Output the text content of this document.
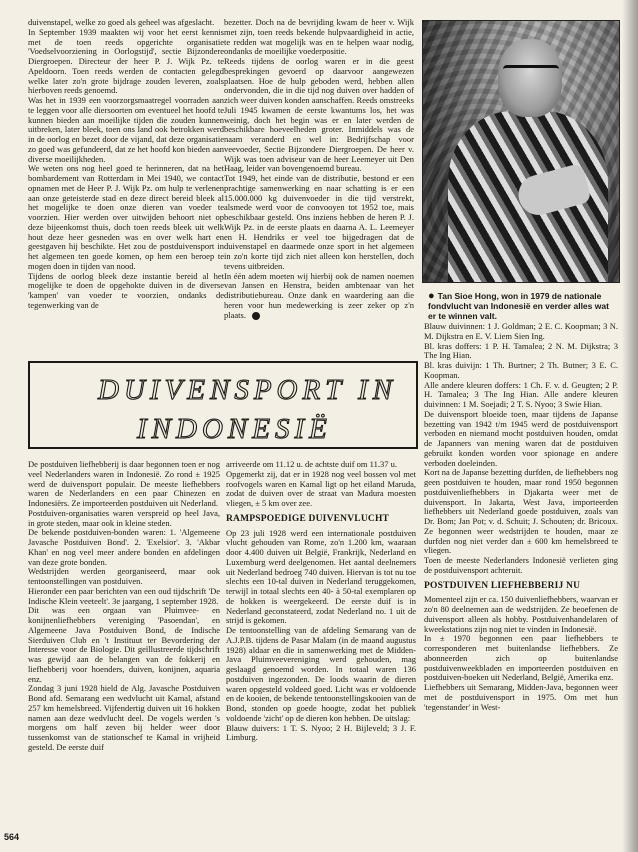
duivenstapel, welke zo goed als geheel was afgeslacht.

In September 1939 maakten wij voor het eerst kennis met de toen reeds opgerichte organisatie 'Voedselvoorziening in Oorlogstijd', sectie Bijzondere Diergroepen. Directeur der heer P. J. Wijk Pz. te Apeldoorn. Toen reeds werden de contacten gelegd welke later zo'n grote bijdrage zouden leveren, zoals hierboven reeds genoemd.

Was het in 1939 een voorzorgsmaatregel voorraden aan te leggen voor alle diersoorten om eventueel het hoofd te kunnen bieden aan moeilijke tijden die zouden kunnen uitbreken, later bleek, toen ons land ook betrokken werd in de oorlog en bezet door de vijand, dat deze organisatie zo goed was gefundeerd, dat ze het hoofd kon bieden aan diverse moeilijkheden.

We weten ons nog heel goed te herinneren, dat na het bombardement van Rotterdam in Mei 1940, we contact opnamen met de Heer P. J. Wijk Pz. om hulp te verlenen aan onze geteisterde stad en deze direct bereid bleek al het mogelijke te doen onze dieren van voeder te voorzien. Hier werden over uitwijden behoort niet op deze bijeenkomst thuis, doch toen reeds bleek uit welk hout deze heer gesneden was en over welk hart en geestgaven hij beschikte. Het zou de postduivensport in het algemeen ten goede komen, op hem een beroep te mogen doen in tijden van nood.

Tijdens de oorlog bleek deze instantie bereid al het mogelijke te doen de opgehokte duiven in de diverse 'kampen' van voeder te voorzien, ondanks de tegenwerking van de

bezetter. Doch na de bevrijding kwam de heer v. Wijk met zijn, toen reeds bekende hulpvaardigheid in actie, te redden wat mogelijk was en te helpen waar nodig, ondanks de moeilijke voederpositie.

Reeds tijdens de oorlog waren er in die geest besprekingen gevoerd op daarvoor aangewezen plaatsen. Hoe de hulp geboden werd, hebben allen ondervonden, die in die tijd nog duiven over hadden of zich weer duiven konden aanschaffen. Reeds omstreeks Juli 1945 kwamen de eerste kwantums los, het was weinig, doch het begin was er en later werden de beschikbare hoeveelheden groter. Inmiddels was de naam veranderd en wel in: Bedrijfschap voor veevoeder, Sectie Bijzondere Diergroepen. De heer v. Wijk was toen adviseur van de heer Leemeyer uit Den Haag, leider van bovengenoemd bureau.

Tot 1949, het einde van de distributie, bestond er een prachtige samenwerking en naar schatting is er een 15.000.000 kg duivenvoeder in die tijd verstrekt, alsmede werd voor de convooyen tot 1952 toe, mais beschikbaar gesteld. Ons inziens hebben de heren P. J. Wijk Pz. in de eerste plaats en daarna A. L. Leemeyer en H. Hendriks er veel toe bijgedragen dat de duivenstapel en daarmede onze sport in het algemeen in zo'n korte tijd zich niet alleen kon herstellen, doch tevens uitbreiden.

In één adem moeten wij hierbij ook de namen noemen van Jansen en Henstra, beiden ambtenaar van het distributiebureau. Onze dank en waardering aan die heren voor hun medewerking is zeer zeker op z'n plaats.

● Tan Sioe Hong, won in 1979 de nationale fondvlucht van Indonesië en verder alles wat er te winnen valt.
DUIVENSPORT IN
INDONESIË

Blauw duivinnen: 1 J. Goldman; 2 E. C. Koopman; 3 N. M. Dijkstra en E. V. Liem Sien Ing.

Bl. kras doffers: 1 P. H. Tamalea; 2 N. M. Dijkstra; 3 The Ing Hian.

Bl. kras duivijn: 1 Th. Burtner; 2 Th. Butner; 3 E. C. Koopman.

Alle andere kleuren doffers: 1 Ch. F. v. d. Geugten; 2 P. H. Tamalea; 3 The Ing Hian. Alle andere kleuren duivinnen: 1 M. Soejadi; 2 T. S. Nyoo; 3 Swie Hian.

De duivensport bloeide toen, maar tijdens de Japanse bezetting van 1942 t/m 1945 werd de postduivensport verboden en niemand mocht postduiven houden, omdat de Japanners van mening waren dat de postduiven gebruikt konden worden voor spionage en andere verboden doeleinden.

Kort na de Japanse bezetting durfden, de liefhebbers nog geen postduiven te houden, maar rond 1950 begonnen postduivenliefhebbers in Djakarta weer met de duivensport. In Jakarta, West Java, importeerden liefhebbers uit Nederland goede postduiven, zoals van Dr. Bom; Jan Pot; v. d. Schuit; J. Schouten; dr. Bricoux. Ze begonnen weer wedstrijden te houden, maar ze durfden nog niet verder dan ± 600 km hemelsbreed te vliegen.

Toen de meeste Nederlanders Indonesië verlieten ging de postduivensport achteruit.

POSTDUIVEN LIEFHEBBERIJ NU

Momenteel zijn er ca. 150 duivenliefhebbers, waarvan er zo'n 80 deelnemen aan de wedstrijden. Ze beoefenen de duivensport alleen als hobby. Postduivenhandelaren of kweekstations zijn nog niet te vinden in Indonesië.

In ± 1970 begonnen een paar liefhebbers te corresponderen met buitenlandse liefhebbers. Ze abonneerden zich op buitenlandse postduivenweekbladen en importeerden postduiven en postduiven-boeken uit Nederland, België, Amerika enz.

Liefhebbers uit Semarang, Midden-Java, begonnen weer met de postduivensport in 1975. Om met hun 'tegenstander' in West-

De postduiven liefhebberij is daar begonnen toen er nog veel Nederlanders waren in Indonesië. Zo rond ± 1925 werd de duivensport populair. De meeste liefhebbers waren de Nederlanders en een paar Chinezen en Indonesiërs. Ze importeerden postduiven uit Nederland.

Postduiven-organisaties waren verspreid op heel Java, in grote steden, maar ook in kleine steden.

De bekende postduiven-bonden waren: 1. 'Algemeene Javasche Postduiven Bond'. 2. 'Exelsior'. 3. 'Akbar Khan' en nog veel meer andere bonden en afdelingen van deze grote bonden.

Wedstrijden werden georganiseerd, maar ook tentoonstellingen van postduiven.

Hieronder een paar berichten van een oud tijdschrift 'De Indische Klein veeteelt'. 3e jaargang, 1 september 1928.

Dit was een orgaan van Pluimvee- en konijnenliefhebbers vereniging 'Pasoendan', en Algemeene Java Postduiven Bond, de Indische Sierduiven Club en 't Instituut ter Bevordering der Interesse voor de Biologie. Dit geïllustreerde tijdschrift was gewijd aan de belangen van de fokkerij en liefhebberij voor hoenders, duiven, konijnen, aquaria enz.

Zondag 3 juni 1928 hield de Alg. Javasche Postduiven Bond afd. Semarang een wedvlucht uit Kamal, afstand 257 km hemelsbreed. Vijfendertig duiven uit 16 hokken namen aan deze wedvlucht deel. De vogels werden 's morgens om half zeven bij helder weer door tussenkomst van de stationschef te Kamal in vrijheid gesteld. De eerste duif

arriveerde om 11.12 u. de achtste duif om 11.37 u.

Opgemerkt zij, dat er in 1928 nog veel bossen vol met roofvogels waren en Kamal ligt op het eiland Maruda, zodat de duiven over de straat van Madura moesten vliegen, ± 5 km over zee.

RAMPSPOEDIGE DUIVENVLUCHT

Op 23 juli 1928 werd een internationale postduiven vlucht gehouden van Rome, zo'n 1.200 km, waaraan door 4.400 duiven uit België, Frankrijk, Nederland en Luxemburg werd deelgenomen. Het aantal deelnemers uit Nederland bedroeg 740 duiven. Hiervan is tot nu toe slechts een 10-tal duiven in Nederland teruggekomen, terwijl in totaal slechts een 40- à 50-tal exemplaren op de hokken is weergekeerd. De eerste duif is in Nederland geconstateerd, zodat Nederland no. 1 uit de strijd is gekomen.

De tentoonstelling van de afdeling Semarang van de A.J.P.B. tijdens de Pasar Malam (in de maand augustus 1928) aldaar en die in samenwerking met de Midden-Java Pluimveevereniging werd gehouden, mag geslaagd genoemd worden. In totaal waren 136 postduiven ingezonden. De loods waarin de dieren waren opgesteld voldeed goed. Licht was er voldoende en de kooien, de bekende tentoonstellingskooien van de Bond, stonden op goede hoogte, zodat het publiek voldoende 'zicht' op de dieren kon hebben. De uitslag:

Blauw duivers: 1 T. S. Nyoo; 2 H. Bijleveld; 3 J. F. Limburg.

564
